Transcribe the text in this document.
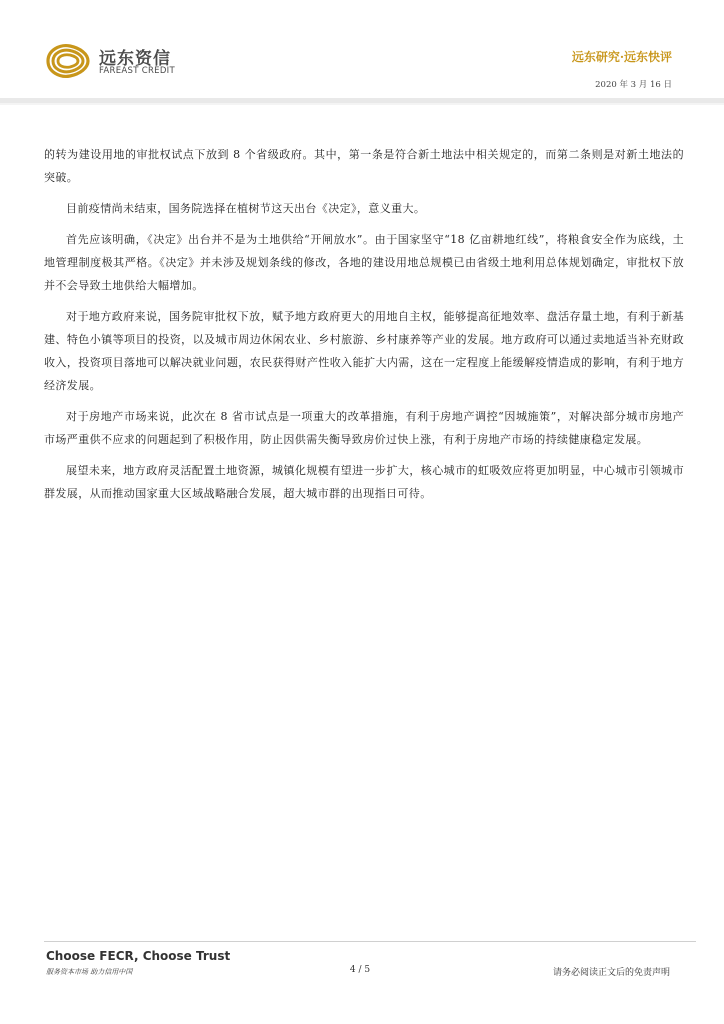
远东资信
FAREAST CREDIT
远东研究·远东快评
2020 年 3 月 16 日

的转为建设用地的审批权试点下放到 8 个省级政府。其中，第一条是符合新土地法中相关规定的，而第二条则是对新土地法的突破。

目前疫情尚未结束，国务院选择在植树节这天出台《决定》，意义重大。

首先应该明确，《决定》出台并不是为土地供给“开闸放水”。由于国家坚守“18 亿亩耕地红线”，将粮食安全作为底线，土地管理制度极其严格。《决定》并未涉及规划条线的修改，各地的建设用地总规模已由省级土地利用总体规划确定，审批权下放并不会导致土地供给大幅增加。

对于地方政府来说，国务院审批权下放，赋予地方政府更大的用地自主权，能够提高征地效率、盘活存量土地，有利于新基建、特色小镇等项目的投资，以及城市周边休闲农业、乡村旅游、乡村康养等产业的发展。地方政府可以通过卖地适当补充财政收入，投资项目落地可以解决就业问题，农民获得财产性收入能扩大内需，这在一定程度上能缓解疫情造成的影响，有利于地方经济发展。

对于房地产市场来说，此次在 8 省市试点是一项重大的改革措施，有利于房地产调控“因城施策”，对解决部分城市房地产市场严重供不应求的问题起到了积极作用，防止因供需失衡导致房价过快上涨，有利于房地产市场的持续健康稳定发展。

展望未来，地方政府灵活配置土地资源，城镇化规模有望进一步扩大，核心城市的虹吸效应将更加明显，中心城市引领城市群发展，从而推动国家重大区域战略融合发展，超大城市群的出现指日可待。

Choose FECR, Choose Trust
服务资本市场 助力信用中国	4 / 5	请务必阅读正文后的免责声明
